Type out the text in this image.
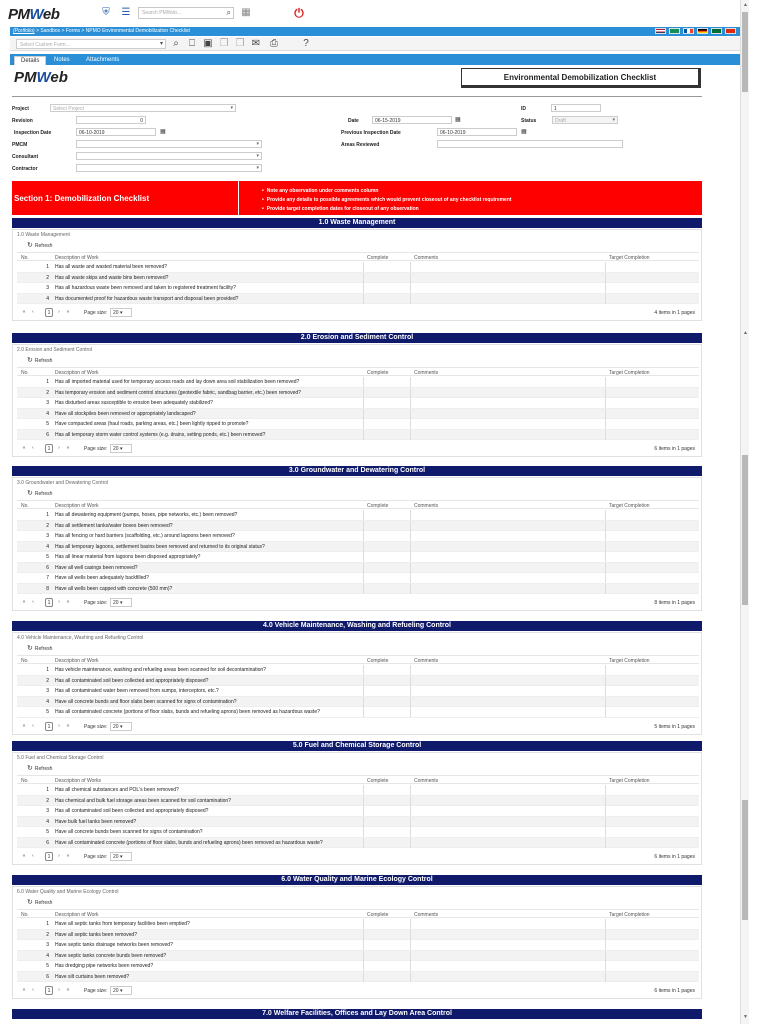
PMWeb	⛨ ☰	Search PMWeb...	⌕ ▦	⏻
(Portfolio) > Sandbox > Forms > NPMO Environmental Demobilization Checklist
Select Custom Form...	▾	⌕	⎕ ▣ ❐ ❒ ✉ ⎙	?
Details	Notes	Attachments
PMWeb	Environmental Demobilization Checklist
Project	Select Project	▾	ID	1
Revision	0	Date	06-15-2019	▦	Status	Draft	▾
Inspection Date	06-10-2019	▦	Previous Inspection Date	06-10-2019	▦
PMCM	▾	Areas Reviewed
Consultant	▾
Contractor	▾
Section 1: Demobilization Checklist
• Note any observation under comments column
• Provide any details to possible agreements which would prevent closeout of any checklist requirement
• Provide target completion dates for closeout of any observation
1.0 Waste Management
1.0 Waste Management
↻ Refresh
No.	Description of Work	Complete	Comments	Target Completion
1 Has all waste and wasted material been removed?
2 Has all waste skips and waste bins been removed?
3 Has all hazardous waste been removed and taken to registered treatment facility?
4 Has documented proof for hazardous waste transport and disposal been provided?
«	‹	1	›	»	Page size:	20 ▾	4 items in 1 pages
2.0 Erosion and Sediment Control
2.0 Erosion and Sediment Control
↻ Refresh
No.	Description of Work	Complete	Comments	Target Completion
1 Has all imported material used for temporary access roads and lay down area soil stabilization been removed?
2 Has temporary erosion and sediment control structures (geotextile fabric, sandbag barrier, etc.) been removed?
3 Has disturbed areas susceptible to erosion been adequately stabilized?
4 Have all stockpiles been removed or appropriately landscaped?
5 Have compacted areas (haul roads, parking areas, etc.) been lightly ripped to promote?
6 Has all temporary storm water control systems (e.g. drains, setting ponds, etc.) been removed?
«	‹	1	›	»	Page size:	20 ▾	6 items in 1 pages
3.0 Groundwater and Dewatering Control
3.0 Groundwater and Dewatering Control
↻ Refresh
No.	Description of Work	Complete	Comments	Target Completion
1 Has all dewatering equipment (pumps, hoses, pipe networks, etc.) been removed?
2 Has all settlement tanks/water boxes been removed?
3 Has all fencing or hard barriers (scaffolding, etc.) around lagoons been removed?
4 Has all temporary lagoons, settlement basins been removed and returned to its original status?
5 Has all linear material from lagoons been disposed appropriately?
6 Have all well casings been removed?
7 Have all wells been adequately backfilled?
8 Have all wells been capped with concrete (500 mm)?
«	‹	1	›	»	Page size:	20 ▾	8 items in 1 pages
4.0 Vehicle Maintenance, Washing and Refueling Control
4.0 Vehicle Maintenance, Washing and Refueling Control
↻ Refresh
No.	Description of Work	Complete	Comments	Target Completion
1 Has vehicle maintenance, washing and refueling areas been scanned for soil decontamination?
2 Has all contaminated soil been collected and appropriately disposed?
3 Has all contaminated water been removed from sumps, interceptors, etc.?
4 Have all concrete bunds and floor slabs been scanned for signs of contamination?
5 Has all contaminated concrete (portions of floor slabs, bunds and refueling aprons) been removed as hazardous waste?
«	‹	1	›	»	Page size:	20 ▾	5 items in 1 pages
5.0 Fuel and Chemical Storage Control
5.0 Fuel and Chemical Storage Control
↻ Refresh
No.	Description of Works	Complete	Comments	Target Completion
1 Has all chemical substances and POL's been removed?
2 Has chemical and bulk fuel storage areas been scanned for soil contamination?
3 Has all contaminated soil been collected and appropriately disposed?
4 Have bulk fuel tanks been removed?
5 Have all concrete bunds been scanned for signs of contamination?
6 Have all contaminated concrete (portions of floor slabs, bunds and refueling aprons) been removed as hazardous waste?
«	‹	1	›	»	Page size:	20 ▾	6 items in 1 pages
6.0 Water Quality and Marine Ecology Control
6.0 Water Quality and Marine Ecology Control
↻ Refresh
No.	Description of Work	Complete	Comments	Target Completion
1 Have all septic tanks from temporary facilities been emptied?
2 Have all septic tanks been removed?
3 Have septic tanks drainage networks been removed?
4 Have septic tanks concrete bunds been removed?
5 Has dredging pipe networks been removed?
6 Have silt curtains been removed?
«	‹	1	›	»	Page size:	20 ▾	6 items in 1 pages
7.0 Welfare Facilities, Offices and Lay Down Area Control
▲
▲
▼
